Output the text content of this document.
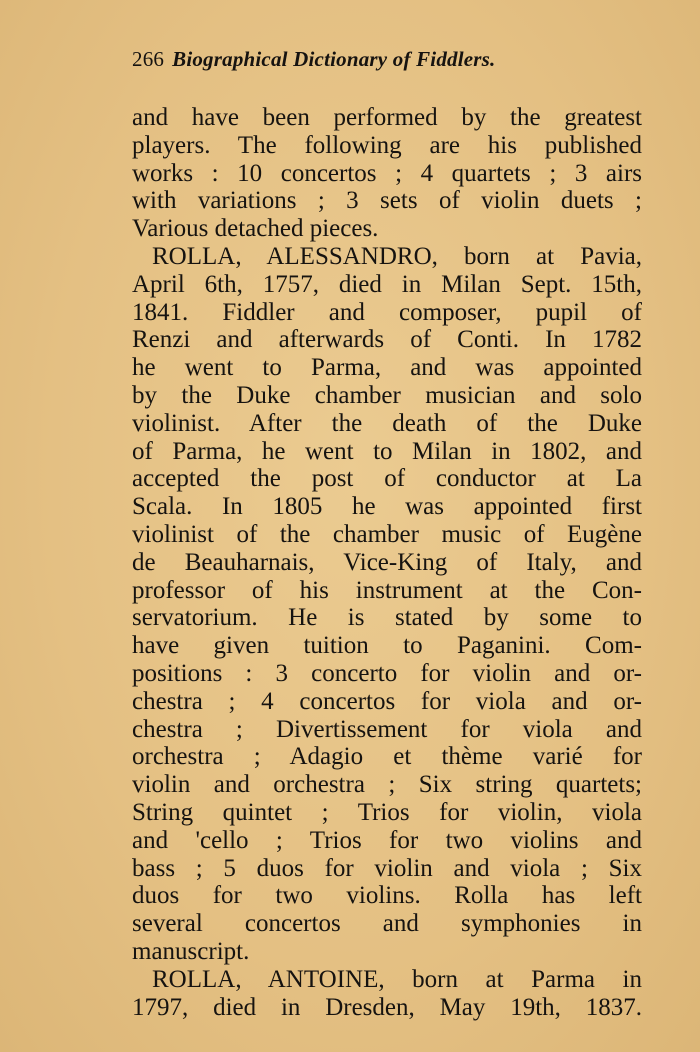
266 Biographical Dictionary of Fiddlers.
and have been performed by the greatest
players. The following are his published
works : 10 concertos ; 4 quartets ; 3 airs
with variations ; 3 sets of violin duets ;
Various detached pieces.
ROLLA, ALESSANDRO, born at Pavia,
April 6th, 1757, died in Milan Sept. 15th,
1841. Fiddler and composer, pupil of
Renzi and afterwards of Conti. In 1782
he went to Parma, and was appointed
by the Duke chamber musician and solo
violinist. After the death of the Duke
of Parma, he went to Milan in 1802, and
accepted the post of conductor at La
Scala. In 1805 he was appointed first
violinist of the chamber music of Eugène
de Beauharnais, Vice-King of Italy, and
professor of his instrument at the Con-
servatorium. He is stated by some to
have given tuition to Paganini. Com-
positions : 3 concerto for violin and or-
chestra ; 4 concertos for viola and or-
chestra ; Divertissement for viola and
orchestra ; Adagio et thème varié for
violin and orchestra ; Six string quartets;
String quintet ; Trios for violin, viola
and 'cello ; Trios for two violins and
bass ; 5 duos for violin and viola ; Six
duos for two violins. Rolla has left
several concertos and symphonies in
manuscript.
ROLLA, ANTOINE, born at Parma in
1797, died in Dresden, May 19th, 1837.
